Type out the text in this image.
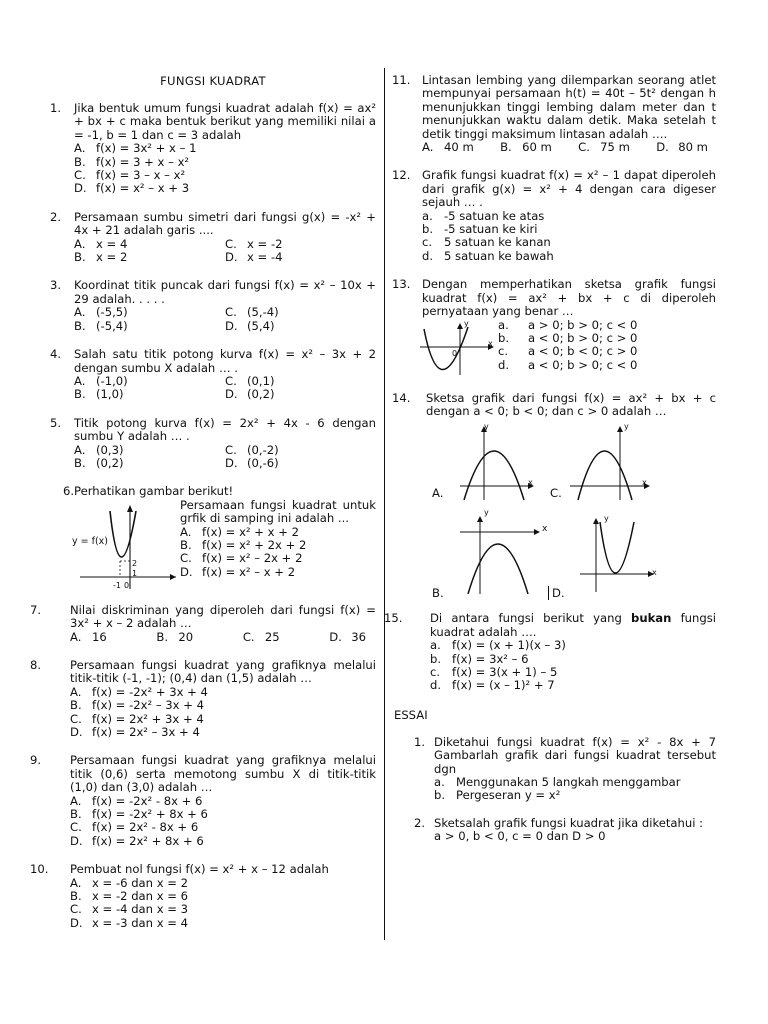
FUNGSI KUADRAT
1.	Jika bentuk umum fungsi kuadrat adalah f(x) = ax² + bx + c maka bentuk berikut yang memiliki nilai a = -1, b = 1 dan c = 3 adalah
A. f(x) = 3x² + x – 1
B. f(x) = 3 + x – x²
C. f(x) = 3 – x – x²
D. f(x) = x² – x + 3
2.	Persamaan sumbu simetri dari fungsi g(x) = -x² + 4x + 21 adalah garis ....
A. x = 4	C. x = -2
B. x = 2	D. x = -4
3.	Koordinat titik puncak dari fungsi f(x) = x² – 10x + 29 adalah. . . . .
A. (-5,5)	C. (5,-4)
B. (-5,4)	D. (5,4)
4.	Salah satu titik potong kurva f(x) = x² – 3x + 2 dengan sumbu X adalah … .
A. (-1,0)	C. (0,1)
B. (1,0)	D. (0,2)
5.	Titik potong kurva f(x) = 2x² + 4x - 6 dengan sumbu Y adalah … .
A. (0,3)	C. (0,-2)
B. (0,2)	D. (0,-6)
6. Perhatikan gambar berikut!
y = f(x)
2
1
-1 0
Persamaan fungsi kuadrat untuk grfik di samping ini adalah ...
A. f(x) = x² + x + 2
B. f(x) = x² + 2x + 2
C. f(x) = x² – 2x + 2
D. f(x) = x² – x + 2
7.	Nilai diskriminan yang diperoleh dari fungsi f(x) = 3x² + x – 2 adalah …
A. 16	B. 20	C. 25	D. 36
8.	Persamaan fungsi kuadrat yang grafiknya melalui titik-titik (-1, -1); (0,4) dan (1,5) adalah …
A. f(x) = -2x² + 3x + 4
B. f(x) = -2x² – 3x + 4
C. f(x) = 2x² + 3x + 4
D. f(x) = 2x² – 3x + 4
9.	Persamaan fungsi kuadrat yang grafiknya melalui titik (0,6) serta memotong sumbu X di titik-titik (1,0) dan (3,0) adalah …
A. f(x) = -2x² - 8x + 6
B. f(x) = -2x² + 8x + 6
C. f(x) = 2x² - 8x + 6
D. f(x) = 2x² + 8x + 6
10.	Pembuat nol fungsi f(x) = x² + x – 12 adalah
A. x = -6 dan x = 2
B. x = -2 dan x = 6
C. x = -4 dan x = 3
D. x = -3 dan x = 4
11. Lintasan lembing yang dilemparkan seorang atlet mempunyai persamaan h(t) = 40t – 5t² dengan h menunjukkan tinggi lembing dalam meter dan t menunjukkan waktu dalam detik. Maka setelah t detik tinggi maksimum lintasan adalah ….
A. 40 m B. 60 m C. 75 m D. 80 m
12. Grafik fungsi kuadrat f(x) = x² – 1 dapat diperoleh dari grafik g(x) = x² + 4 dengan cara digeser sejauh … .
a. -5 satuan ke atas
b. -5 satuan ke kiri
c.	5 satuan ke kanan
d. 5 satuan ke bawah
13. Dengan memperhatikan sketsa grafik fungsi kuadrat f(x) = ax² + bx + c di diperoleh pernyataan yang benar …
y
0
x
a.	a > 0; b > 0; c < 0
b.	a < 0; b > 0; c > 0
c.	a < 0; b < 0; c > 0
d.	a < 0; b > 0; c < 0
14.	Sketsa grafik dari fungsi f(x) = ax² + bx + c dengan a < 0; b < 0; dan c > 0 adalah …
y
x
A.
y
x
C.
y
x
B.
y
x
D.
15.	Di antara fungsi berikut yang bukan fungsi kuadrat adalah ….
a. f(x) = (x + 1)(x – 3)
b. f(x) = 3x² – 6
c.	f(x) = 3(x + 1) – 5
d. f(x) = (x – 1)² + 7
ESSAI
1. Diketahui fungsi kuadrat f(x) = x² - 8x + 7 Gambarlah grafik dari fungsi kuadrat tersebut dgn
a. Menggunakan 5 langkah menggambar
b. Pergeseran y = x²
2. Sketsalah grafik fungsi kuadrat jika diketahui :
a > 0, b < 0, c = 0 dan D > 0
